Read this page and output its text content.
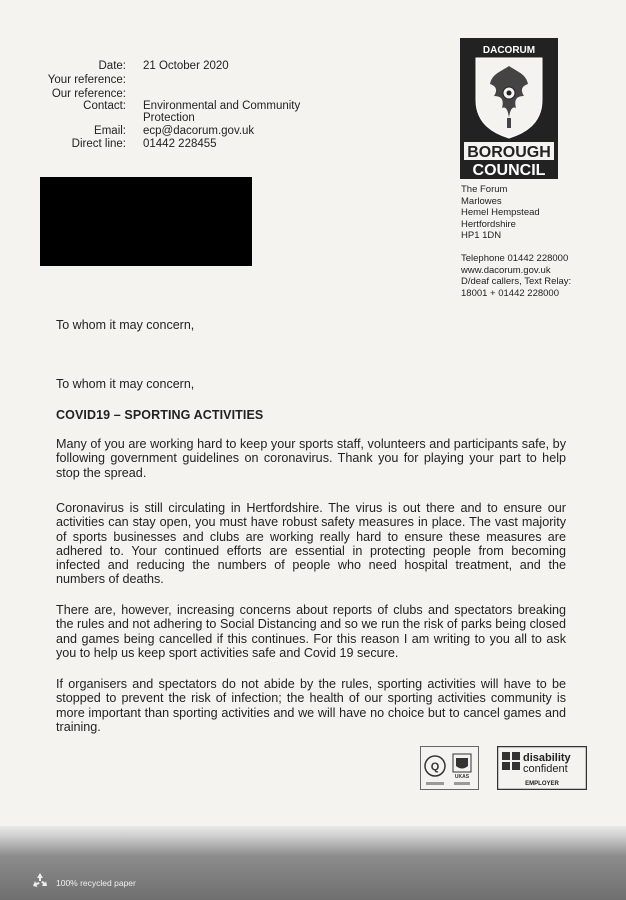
Date: 21 October 2020
Your reference:
Our reference:
Contact: Environmental and Community
Protection
Email: ecp@dacorum.gov.uk
Direct line: 01442 228455
DACORUM
BOROUGH
COUNCIL
The Forum
Marlowes
Hemel Hempstead
Hertfordshire
HP1 1DN
Telephone 01442 228000
www.dacorum.gov.uk
D/deaf callers, Text Relay:
18001 + 01442 228000
To whom it may concern,
To whom it may concern,
COVID19 – SPORTING ACTIVITIES
Many of you are working hard to keep your sports staff, volunteers and participants safe, by following government guidelines on coronavirus. Thank you for playing your part to help stop the spread.
Coronavirus is still circulating in Hertfordshire. The virus is out there and to ensure our activities can stay open, you must have robust safety measures in place. The vast majority of sports businesses and clubs are working really hard to ensure these measures are adhered to. Your continued efforts are essential in protecting people from becoming infected and reducing the numbers of people who need hospital treatment, and the numbers of deaths.
There are, however, increasing concerns about reports of clubs and spectators breaking the rules and not adhering to Social Distancing and so we run the risk of parks being closed and games being cancelled if this continues. For this reason I am writing to you all to ask you to help us keep sport activities safe and Covid 19 secure.
If organisers and spectators do not abide by the rules, sporting activities will have to be stopped to prevent the risk of infection; the health of our sporting activities community is more important than sporting activities and we will have no choice but to cancel games and training.
Q
UKAS
disability
confident
EMPLOYER
100% recycled paper
